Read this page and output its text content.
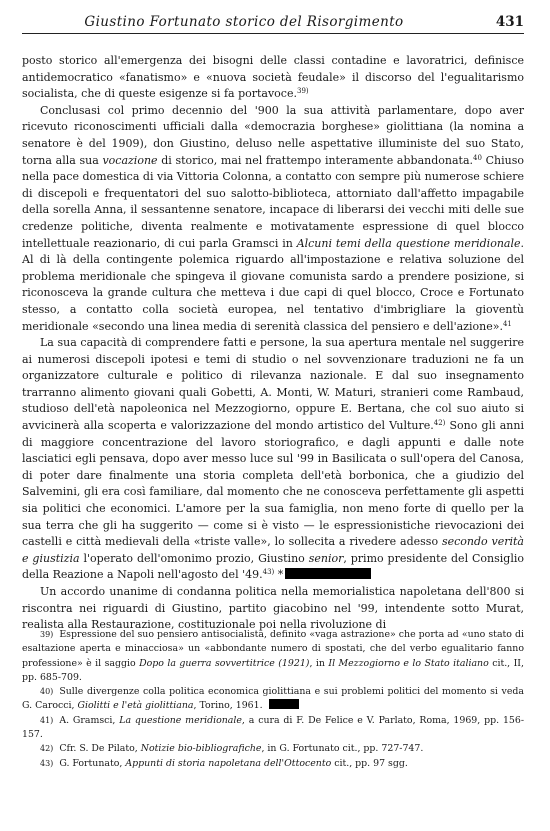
Giustino Fortunato storico del Risorgimento	431

posto storico all'emergenza dei bisogni delle classi contadine e lavoratrici, definisce antidemocratico «fanatismo» e «nuova società feudale» il discorso del l'egualitarismo socialista, che di queste esigenze si fa portavoce.$^{39)}$

Conclusasi col primo decennio del '900 la sua attività parlamentare, dopo aver ricevuto riconoscimenti ufficiali dalla «democrazia borghese» giolittiana (la nomina a senatore è del 1909), don Giustino, deluso nelle aspettative illuministe del suo Stato, torna alla sua vocazione di storico, mai nel frattempo interamente abbandonata.$^{40}$ Chiuso nella pace domestica di via Vittoria Colonna, a contatto con sempre più numerose schiere di discepoli e frequentatori del suo salotto-biblioteca, attorniato dall'affetto impagabile della sorella Anna, il sessantenne senatore, incapace di liberarsi dei vecchi miti delle sue credenze politiche, diventa realmente e motivatamente espressione di quel blocco intellettuale reazionario, di cui parla Gramsci in Alcuni temi della questione meridionale. Al di là della contingente polemica riguardo all'impostazione e relativa soluzione del problema meridionale che spingeva il giovane comunista sardo a prendere posizione, si riconosceva la grande cultura che metteva i due capi di quel blocco, Croce e Fortunato stesso, a contatto colla società europea, nel tentativo d'imbrigliare la gioventù meridionale «secondo una linea media di serenità classica del pensiero e dell'azione».$^{41}$

La sua capacità di comprendere fatti e persone, la sua apertura mentale nel suggerire ai numerosi discepoli ipotesi e temi di studio o nel sovvenzionare traduzioni ne fa un organizzatore culturale e politico di rilevanza nazionale. E dal suo insegnamento trarranno alimento giovani quali Gobetti, A. Monti, W. Maturi, stranieri come Rambaud, studioso dell'età napoleonica nel Mezzogiorno, oppure E. Bertana, che col suo aiuto si avvicinerà alla scoperta e valorizzazione del mondo artistico del Vulture.$^{42)}$ Sono gli anni di maggiore concentrazione del lavoro storiografico, e dagli appunti e dalle note lasciatici egli pensava, dopo aver messo luce sul '99 in Basilicata o sull'opera del Canosa, di poter dare finalmente una storia completa dell'età borbonica, che a giudizio del Salvemini, gli era così familiare, dal momento che ne conosceva perfettamente gli aspetti sia politici che economici. L'amore per la sua famiglia, non meno forte di quello per la sua terra che gli ha suggerito — come si è visto — le espressionistiche rievocazioni dei castelli e città medievali della «triste valle», lo sollecita a rivedere adesso secondo verità e giustizia l'operato dell'omonimo prozio, Giustino senior, primo presidente del Consiglio della Reazione a Napoli nell'agosto del '49.$^{43)}$ *

Un accordo unanime di condanna politica nella memorialistica napoletana dell'800 si riscontra nei riguardi di Giustino, partito giacobino nel '99, intendente sotto Murat, realista alla Restaurazione, costituzionale poi nella rivoluzione di

39) Espressione del suo pensiero antisocialista, definito «vaga astrazione» che porta ad «uno stato di esaltazione aperta e minacciosa» un «abbondante numero di spostati, che del verbo egualitario fanno professione» è il saggio Dopo la guerra sovvertitrice (1921), in Il Mezzogiorno e lo Stato italiano cit., II, pp. 685-709.
40) Sulle divergenze colla politica economica giolittiana e sui problemi politici del momento si veda G. Carocci, Giolitti e l'età giolittiana, Torino, 1961.
41) A. Gramsci, La questione meridionale, a cura di F. De Felice e V. Parlato, Roma, 1969, pp. 156-157.
42) Cfr. S. De Pilato, Notizie bio-bibliografiche, in G. Fortunato cit., pp. 727-747.
43) G. Fortunato, Appunti di storia napoletana dell'Ottocento cit., pp. 97 sgg.
